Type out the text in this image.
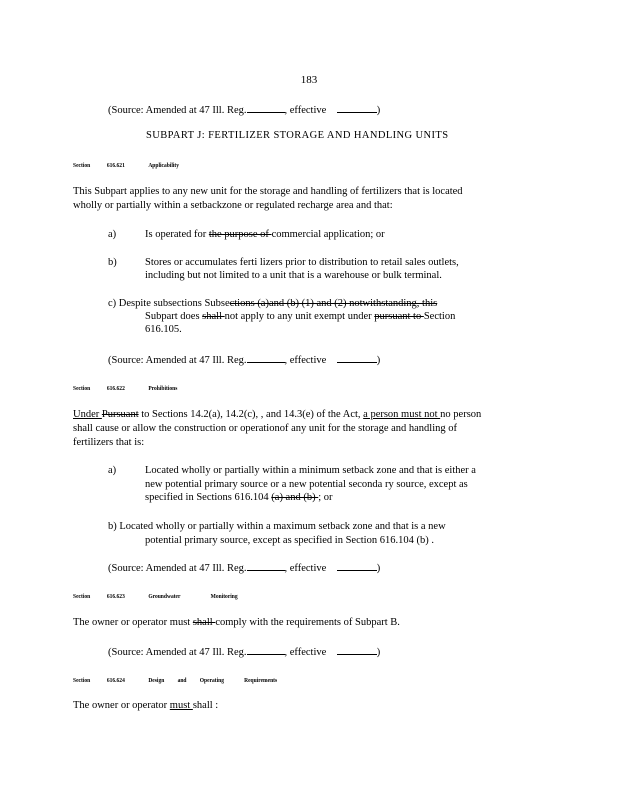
183
(Source: Amended at 47 Ill. Reg.	, effective	)
SUBPART J: FERTILIZER STORAGE AND HANDLING UNITS
Section	616.621	Applicability
This Subpart applies to any new unit for the storage and handling of fertilizers that is located
wholly or partially within a setbackzone or regulated recharge area and that:
a)	Is operated for the purpose of commercial application; or
b)	Stores or accumulates ferti lizers prior to distribution to retail sales outlets,
including but not limited to a unit that is a warehouse or bulk terminal.
c) Despite subsections Subsections (a)and (b) (1) and (2) notwithstanding, this
Subpart does shall not apply to any unit exempt under pursuant to Section
616.105.
(Source: Amended at 47 Ill. Reg.	, effective	)
Section	616.622	Prohibitions
Under Pursuant to Sections 14.2(a), 14.2(c), , and 14.3(e) of the Act, a person must not no person
shall cause or allow the construction or operationof any unit for the storage and handling of
fertilizers that is:
a)	Located wholly or partially within a minimum setback zone and that is either a
new potential primary source or a new potential seconda ry source, except as
specified in Sections 616.104 (a) and (b) ; or
b) Located wholly or partially within a maximum setback zone and that is a new
potential primary source, except as specified in Section 616.104 (b) .
(Source: Amended at 47 Ill. Reg.	, effective	)
Section	616.623	Groundwater	Monitoring
The owner or operator must shall comply with the requirements of Subpart B.
(Source: Amended at 47 Ill. Reg.	, effective	)
Section	616.624	Design and Operating	Requirements
The owner or operator must shall :
